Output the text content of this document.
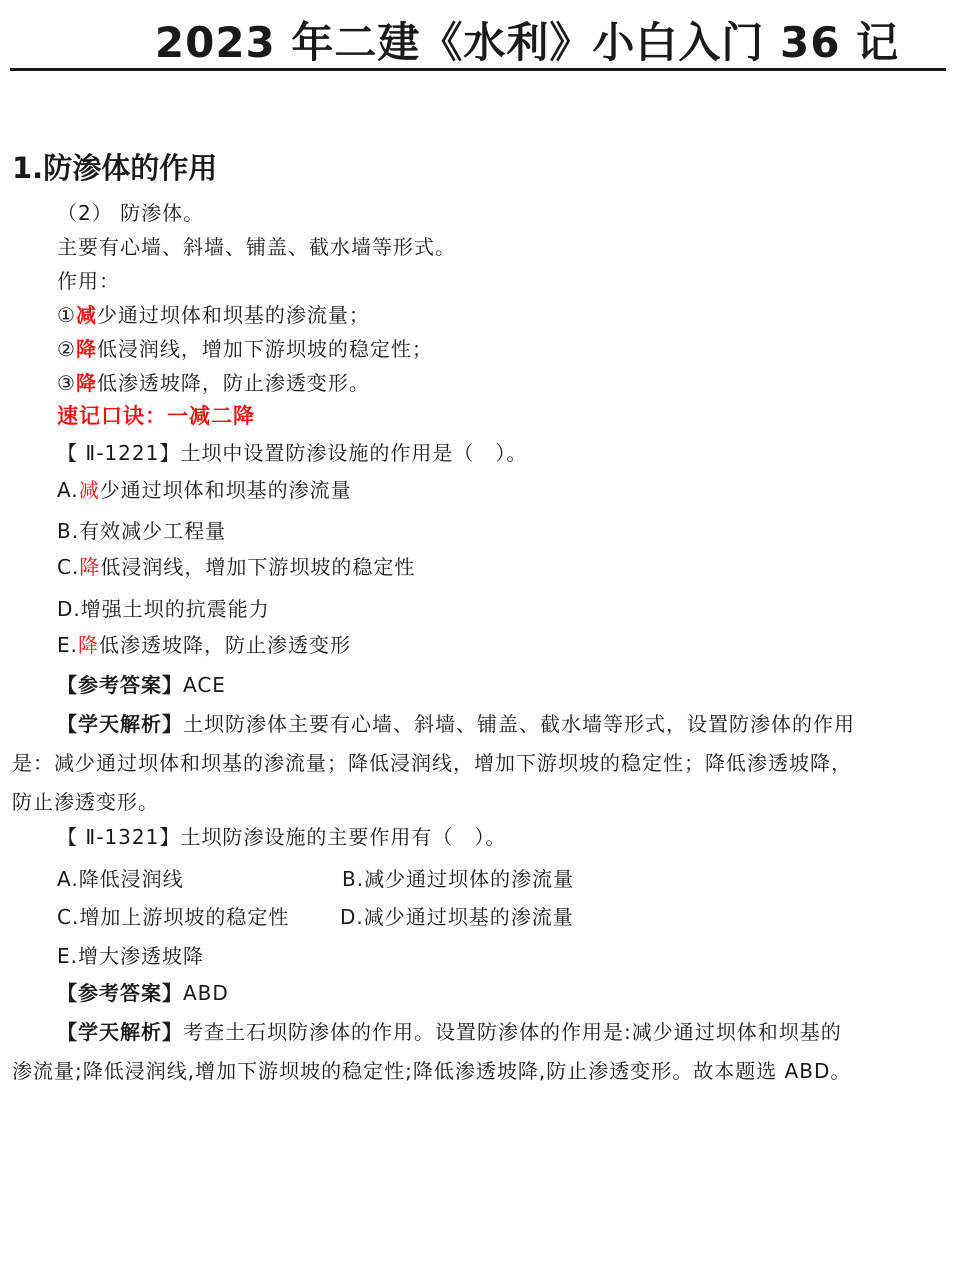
2023 年二建《水利》小白入门 36 记
1.防渗体的作用
（2） 防渗体。
主要有心墙、斜墙、铺盖、截水墙等形式。
作用：
①减少通过坝体和坝基的渗流量；
②降低浸润线，增加下游坝坡的稳定性；
③降低渗透坡降，防止渗透变形。
速记口诀：一减二降
【 Ⅱ-1221】土坝中设置防渗设施的作用是（　）。
A.减少通过坝体和坝基的渗流量
B.有效减少工程量
C.降低浸润线，增加下游坝坡的稳定性
D.增强土坝的抗震能力
E.降低渗透坡降，防止渗透变形
【参考答案】ACE
【学天解析】土坝防渗体主要有心墙、斜墙、铺盖、截水墙等形式，设置防渗体的作用
是：减少通过坝体和坝基的渗流量；降低浸润线，增加下游坝坡的稳定性；降低渗透坡降，
防止渗透变形。
【 Ⅱ-1321】土坝防渗设施的主要作用有（　）。
A.降低浸润线	B.减少通过坝体的渗流量
C.增加上游坝坡的稳定性	D.减少通过坝基的渗流量
E.增大渗透坡降
【参考答案】ABD
【学天解析】考查土石坝防渗体的作用。设置防渗体的作用是:减少通过坝体和坝基的
渗流量;降低浸润线,增加下游坝坡的稳定性;降低渗透坡降,防止渗透变形。故本题选 ABD。
